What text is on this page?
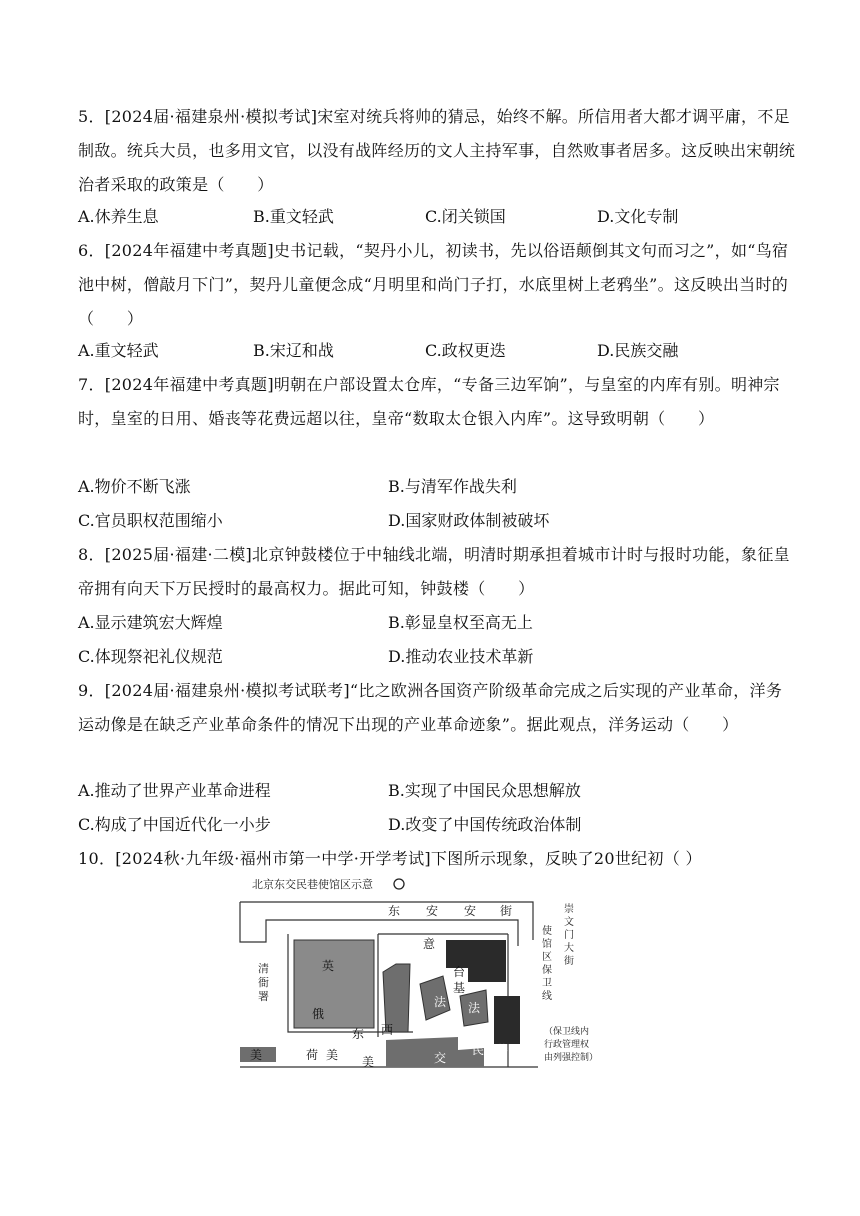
5．[2024届·福建泉州·模拟考试]宋室对统兵将帅的猜忌，始终不解。所信用者大都才调平庸，不足制敌。统兵大员，也多用文官，以没有战阵经历的文人主持军事，自然败事者居多。这反映出宋朝统治者采取的政策是（　　）
A.休养生息	B.重文轻武	C.闭关锁国	D.文化专制
6．[2024年福建中考真题]史书记载，“契丹小儿，初读书，先以俗语颠倒其文句而习之”，如“鸟宿池中树，僧敲月下门”，契丹儿童便念成“月明里和尚门子打，水底里树上老鸦坐”。这反映出当时的（　　）
A.重文轻武	B.宋辽和战	C.政权更迭	D.民族交融
7．[2024年福建中考真题]明朝在户部设置太仓库，“专备三边军饷”，与皇室的内库有别。明神宗时，皇室的日用、婚丧等花费远超以往，皇帝“数取太仓银入内库”。这导致明朝（　　）
A.物价不断飞涨	B.与清军作战失利
C.官员职权范围缩小	D.国家财政体制被破坏
8．[2025届·福建·二模]北京钟鼓楼位于中轴线北端，明清时期承担着城市计时与报时功能，象征皇帝拥有向天下万民授时的最高权力。据此可知，钟鼓楼（　　）
A.显示建筑宏大辉煌	B.彰显皇权至高无上
C.体现祭祀礼仪规范	D.推动农业技术革新
9．[2024届·福建泉州·模拟考试联考]“比之欧洲各国资产阶级革命完成之后实现的产业革命，洋务运动像是在缺乏产业革命条件的情况下出现的产业革命迹象”。据此观点，洋务运动（　　）
A.推动了世界产业革命进程	B.实现了中国民众思想解放
C.构成了中国近代化一小步	D.改变了中国传统政治体制
10．[2024秋·九年级·福州市第一中学·开学考试]下图所示现象，反映了20世纪初（ ）
北京东交民巷使馆区示意
东 安 安 街
清
衙
署
崇
文
门
大
街
使
馆
区
保
卫
线
（保卫线内
行政管理权
由列强控制）
英
俄
东 西
意
台
基
法 法
美	荷 美 美	交
民 巷
